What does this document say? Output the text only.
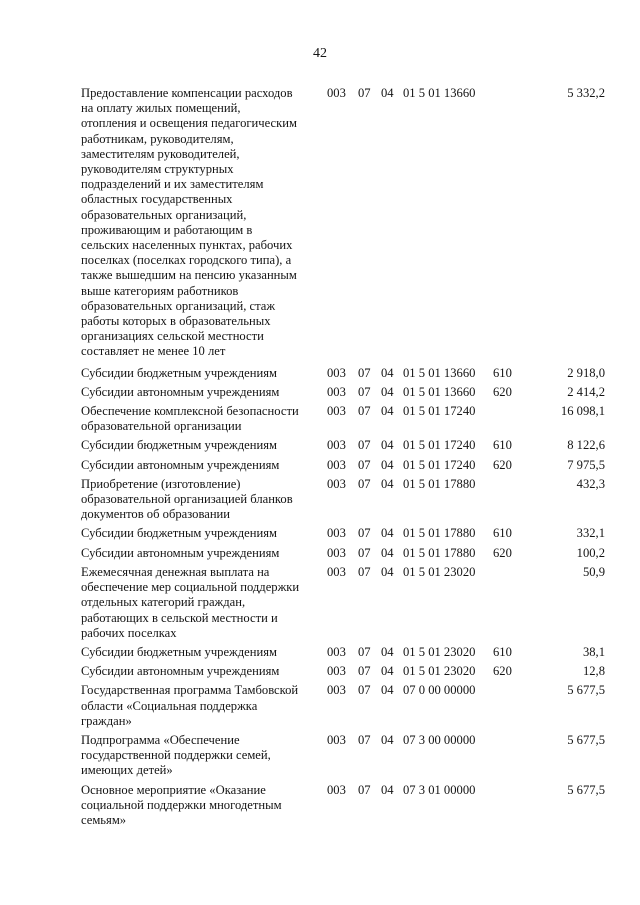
42
Предоставление компенсации расходов
на оплату жилых помещений,
отопления и освещения педагогическим
работникам, руководителям,
заместителям руководителей,
руководителям структурных
подразделений и их заместителям
областных государственных
образовательных организаций,
проживающим и работающим в
сельских населенных пунктах, рабочих
поселках (поселках городского типа), а
также вышедшим на пенсию указанным
выше категориям работников
образовательных организаций, стаж
работы которых в образовательных
организациях сельской местности
составляет не менее 10 лет
003 07 04 01 5 01 13660	5 332,2
Субсидии бюджетным учреждениям	003 07 04 01 5 01 13660 610	2 918,0
Субсидии автономным учреждениям	003 07 04 01 5 01 13660 620	2 414,2
Обеспечение комплексной безопасности
образовательной организации
003 07 04 01 5 01 17240	16 098,1
Субсидии бюджетным учреждениям	003 07 04 01 5 01 17240 610	8 122,6
Субсидии автономным учреждениям	003 07 04 01 5 01 17240 620	7 975,5
Приобретение (изготовление)
образовательной организацией бланков
документов об образовании
003 07 04 01 5 01 17880	432,3
Субсидии бюджетным учреждениям	003 07 04 01 5 01 17880 610	332,1
Субсидии автономным учреждениям	003 07 04 01 5 01 17880 620	100,2
Ежемесячная денежная выплата на
обеспечение мер социальной поддержки
отдельных категорий граждан,
работающих в сельской местности и
рабочих поселках
003 07 04 01 5 01 23020	50,9
Субсидии бюджетным учреждениям	003 07 04 01 5 01 23020 610	38,1
Субсидии автономным учреждениям	003 07 04 01 5 01 23020 620	12,8
Государственная программа Тамбовской
области «Социальная поддержка
граждан»
003 07 04 07 0 00 00000	5 677,5
Подпрограмма «Обеспечение
государственной поддержки семей,
имеющих детей»
003 07 04 07 3 00 00000	5 677,5
Основное мероприятие «Оказание
социальной поддержки многодетным
семьям»
003 07 04 07 3 01 00000	5 677,5
